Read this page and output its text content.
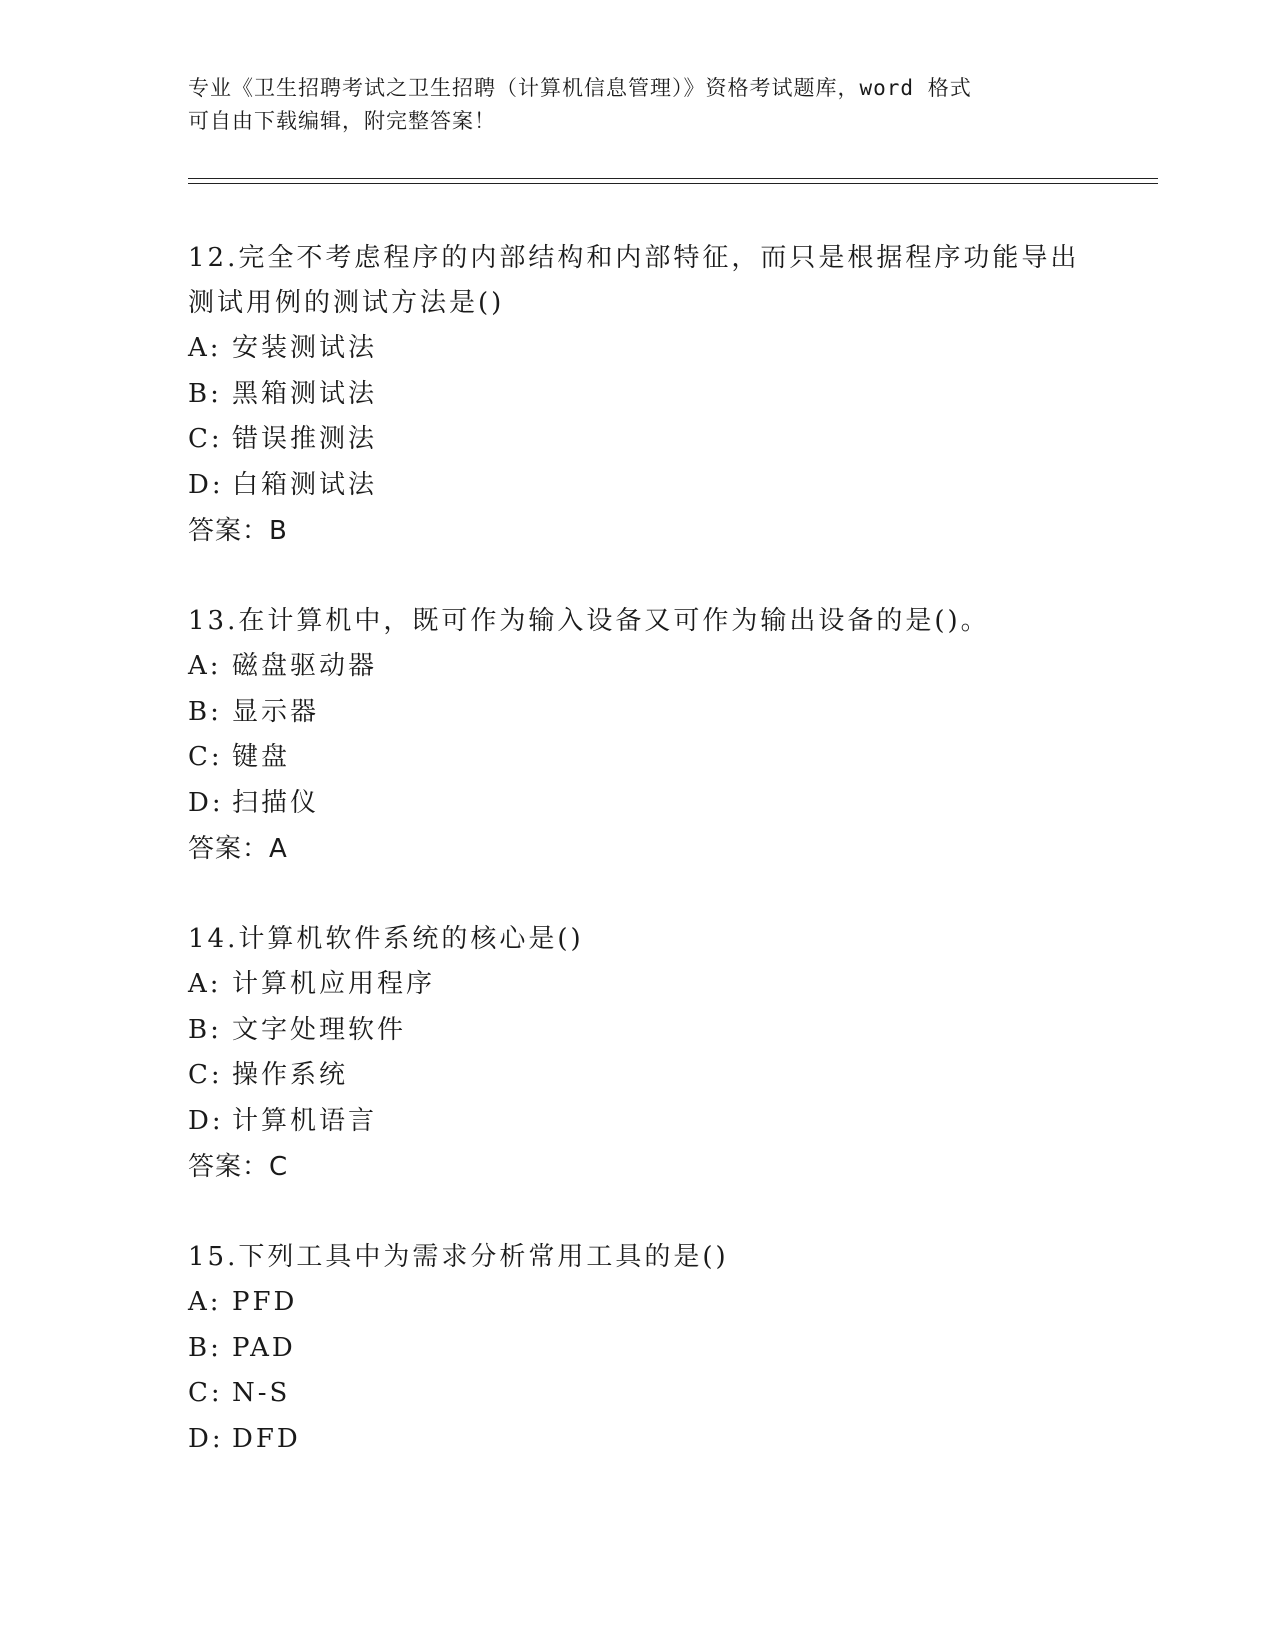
专业《卫生招聘考试之卫生招聘（计算机信息管理）》资格考试题库，word 格式
可自由下载编辑，附完整答案！
12.完全不考虑程序的内部结构和内部特征，而只是根据程序功能导出
测试用例的测试方法是()
A: 安装测试法
B: 黑箱测试法
C: 错误推测法
D: 白箱测试法
答案：B
13.在计算机中，既可作为输入设备又可作为输出设备的是()。
A: 磁盘驱动器
B: 显示器
C: 键盘
D: 扫描仪
答案：A
14.计算机软件系统的核心是()
A: 计算机应用程序
B: 文字处理软件
C: 操作系统
D: 计算机语言
答案：C
15.下列工具中为需求分析常用工具的是()
A: PFD
B: PAD
C: N-S
D: DFD
